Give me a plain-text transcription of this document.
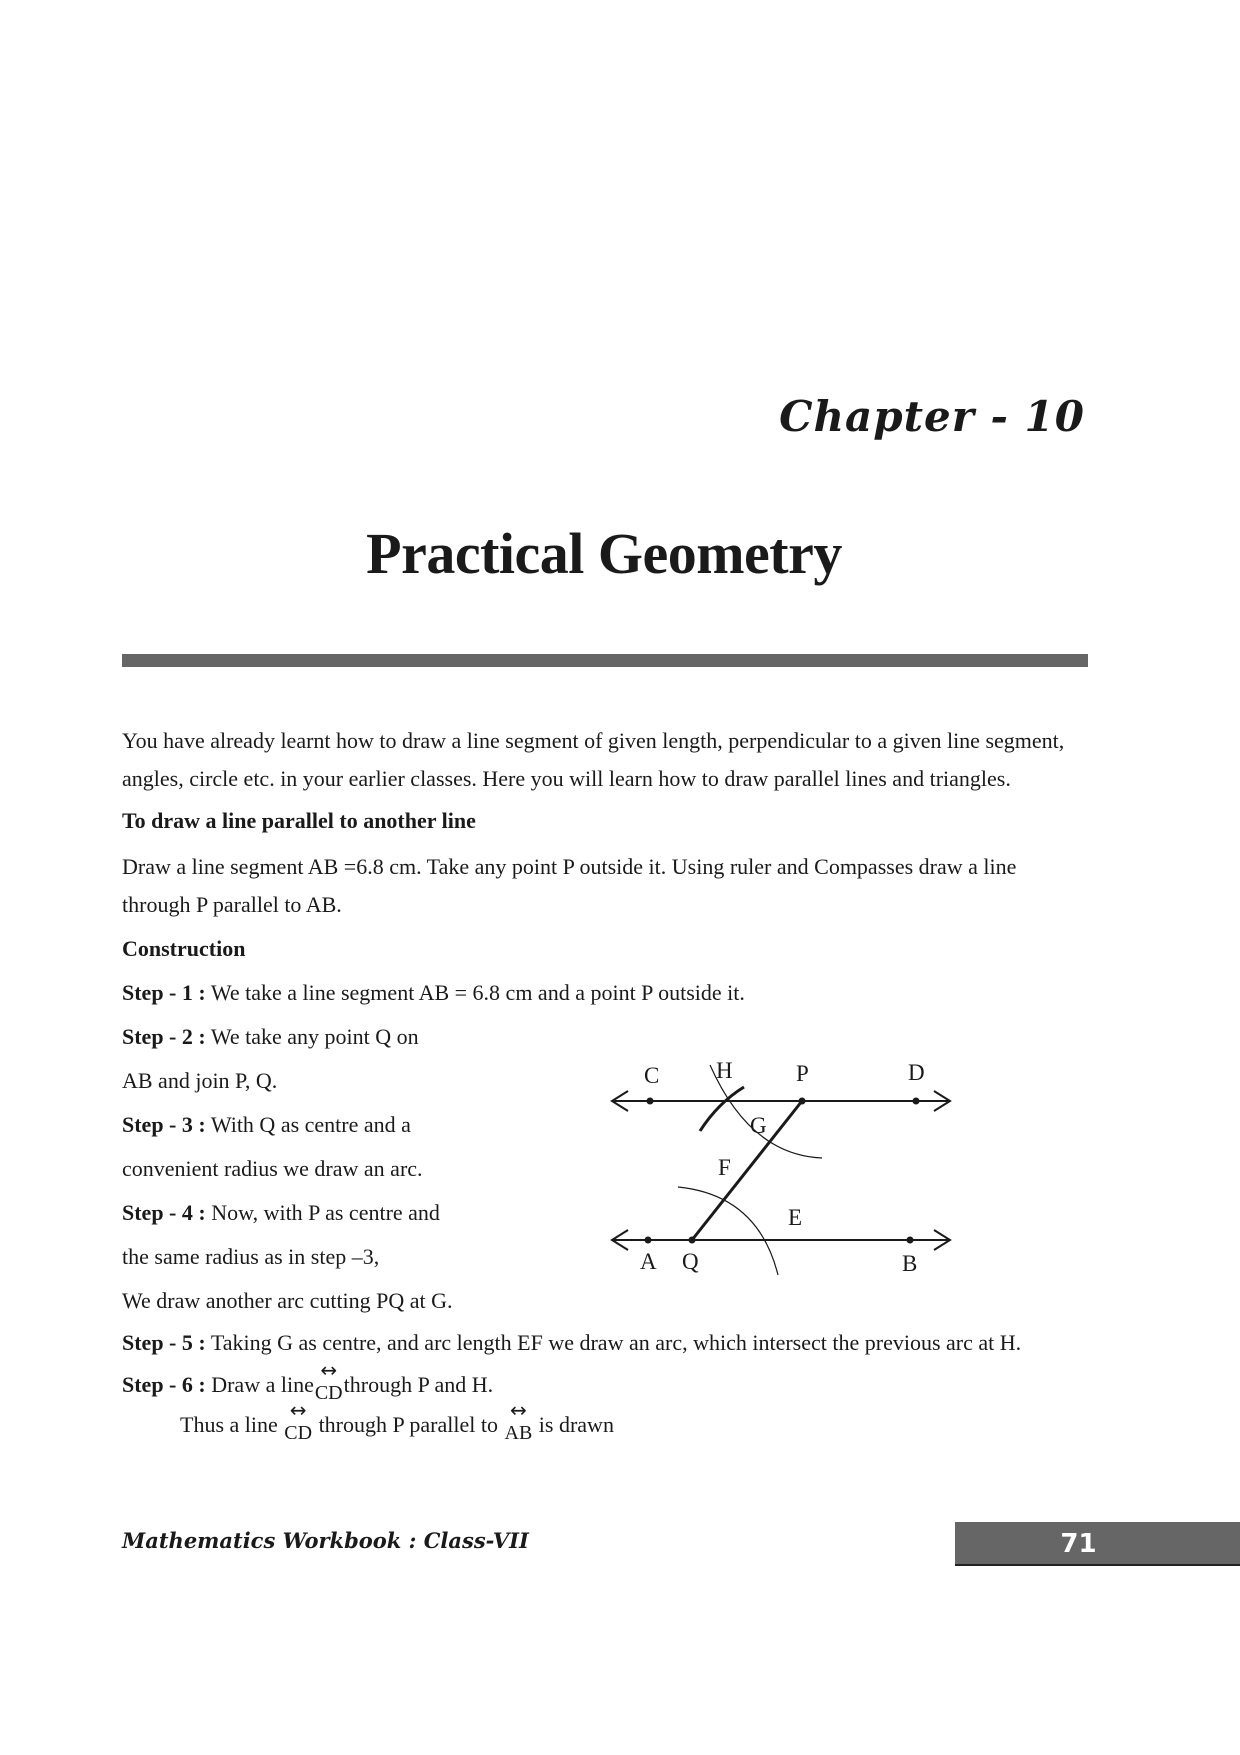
Chapter - 10
Practical Geometry

You have already learnt how to draw a line segment of given length, perpendicular to a given line segment, angles, circle etc. in your earlier classes. Here you will learn how to draw parallel lines and triangles.

To draw a line parallel to another line

Draw a line segment AB =6.8 cm. Take any point P outside it. Using ruler and Compasses draw a line through P parallel to AB.

Construction
Step - 1 : We take a line segment AB = 6.8 cm and a point P outside it.
Step - 2 : We take any point Q on
AB and join P, Q.
Step - 3 : With Q as centre and a
convenient radius we draw an arc.
Step - 4 : Now, with P as centre and
the same radius as in step –3,
We draw another arc cutting PQ at G.
Step - 5 : Taking G as centre, and arc length EF we draw an arc, which intersect the previous arc at H.
Step - 6 : Draw a line
↔
CDthrough P and H.
Thus a line
↔
CD through P parallel to
↔
AB is drawn
C H	P	D
G
F
E
A Q	B
Mathematics Workbook : Class-VII	71
